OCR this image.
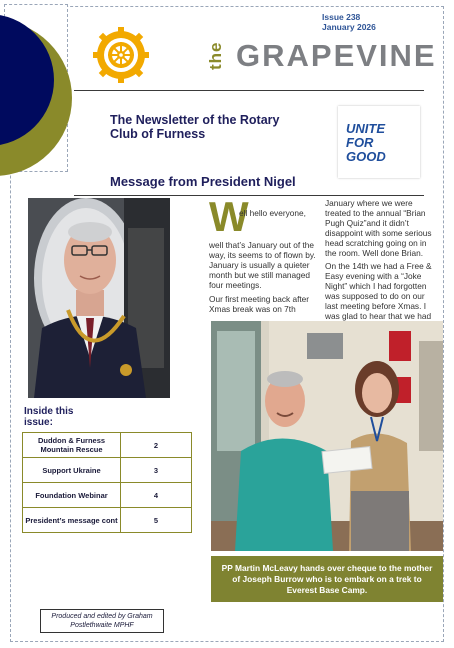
Issue 238
January 2026
the GRAPEVINE
The Newsletter of the Rotary
Club of Furness	UNITE
FOR
GOOD
Message from President Nigel
W
ell hello everyone,
well that’s January out of the way, its seems to of flown by. January is usually a quieter month but we still managed four meetings.
Our first meeting back after Xmas break was on 7th
January where we were treated to the annual “Brian Pugh Quiz”and it didn’t disappoint with some serious head scratching going on in the room. Well done Brian.
On the 14th we had a Free & Easy evening with a “Joke Night” which I had forgotten was supposed to do on our last meeting before Xmas. I was glad to hear that we had
PP Martin McLeavy hands over cheque to the mother of Joseph Burrow who is to embark on a trek to Everest Base Camp.
Inside this
issue:
Duddon & Furness Mountain Rescue	2
Support Ukraine	3
Foundation Webinar	4
President’s message cont	5
Produced and edited by Graham
Postlethwaite MPHF
